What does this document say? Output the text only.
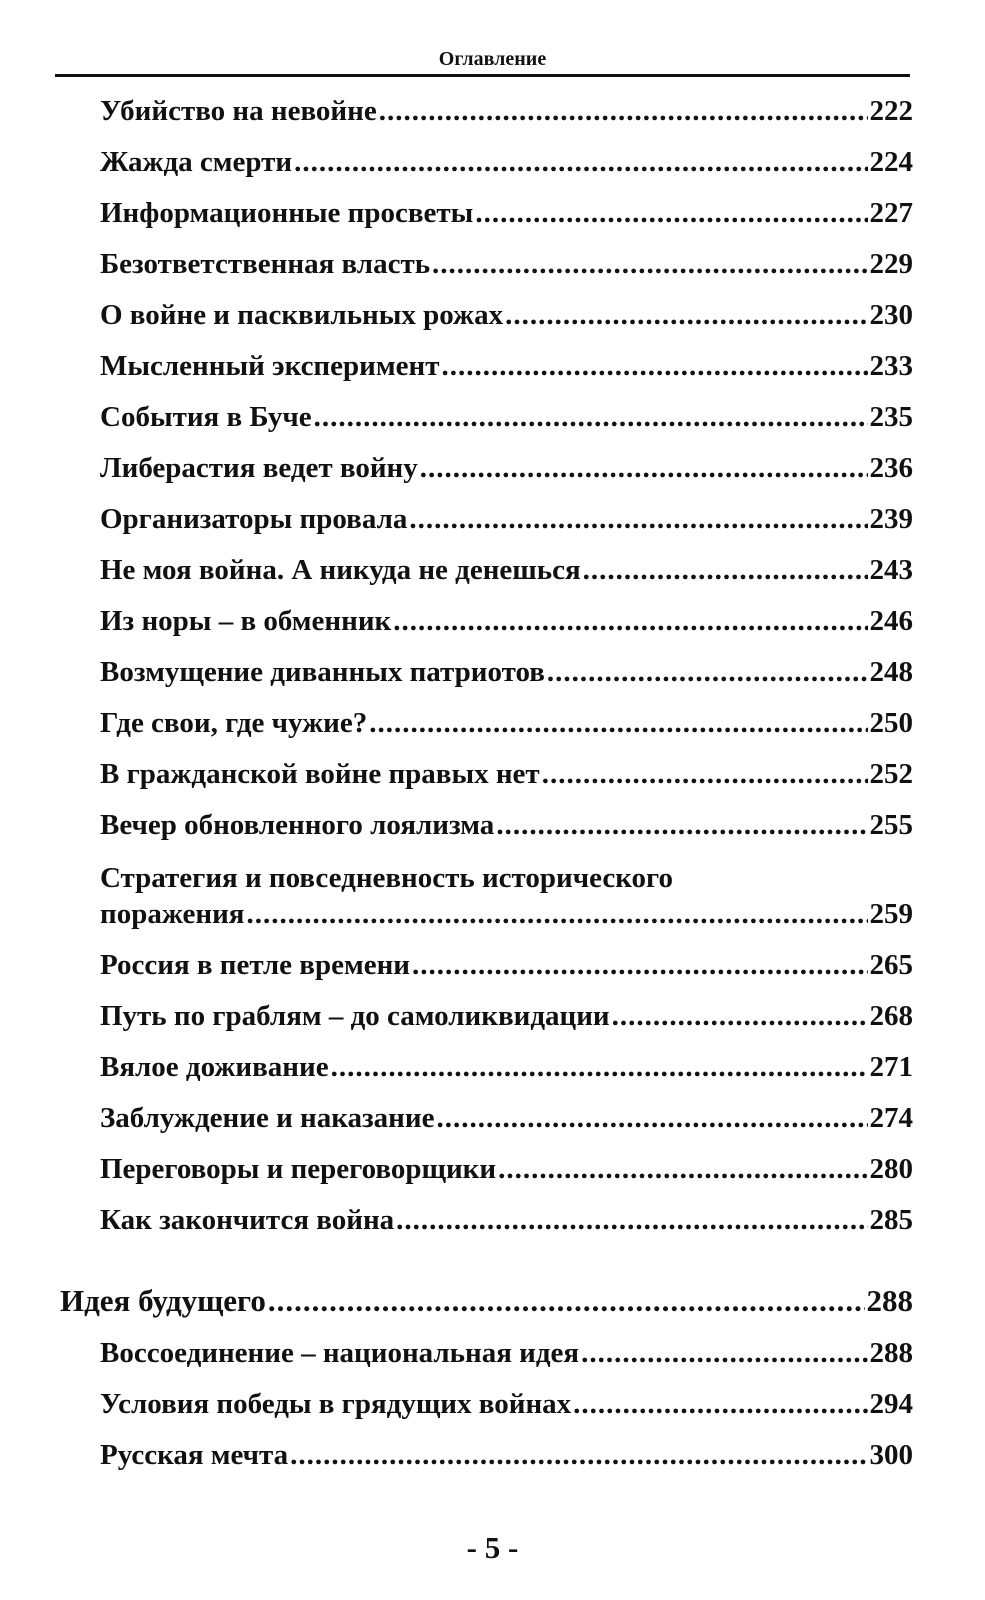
Оглавление
Убийство на невойне .....	222
Жажда смерти .....	224
Информационные просветы .....	227
Безответственная власть .....	229
О войне и пасквильных рожах .....	230
Мысленный эксперимент .....	233
События в Буче .....	235
Либерастия ведет войну .....	236
Организаторы провала .....	239
Не моя война. А никуда не денешься .....	243
Из норы – в обменник .....	246
Возмущение диванных патриотов .....	248
Где свои, где чужие? .....	250
В гражданской войне правых нет .....	252
Вечер обновленного лоялизма .....	255
Стратегия и повседневность исторического
поражения .....	259
Россия в петле времени .....	265
Путь по граблям – до самоликвидации .....	268
Вялое доживание .....	271
Заблуждение и наказание .....	274
Переговоры и переговорщики .....	280
Как закончится война .....	285
Идея будущего .....	288
Воссоединение – национальная идея .....	288
Условия победы в грядущих войнах .....	294
Русская мечта .....	300
- 5 -
